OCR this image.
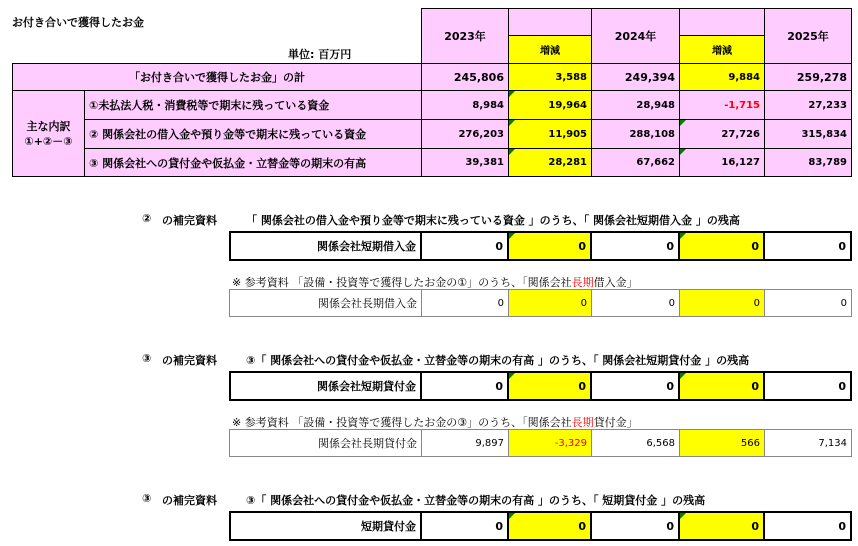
お付き合いで獲得したお金
単位: 百万円
2023年
増減
2024年
増減
2025年
「お付き合いで獲得したお金」の計	245,806	3,588	249,394	9,884	259,278
主な内訳
①+②－③
①未払法人税・消費税等で期末に残っている資金	8,984	19,964	28,948	-1,715	27,233
② 関係会社の借入金や預り金等で期末に残っている資金	276,203	11,905	288,108	27,726	315,834
③ 関係会社への貸付金や仮払金・立替金等の期末の有高	39,381	28,281	67,662	16,127	83,789
② の補完資料	「 関係会社の借入金や預り金等で期末に残っている資金 」のうち、「 関係会社短期借入金 」の残高
関係会社短期借入金	0	0	0	0	0
※ 参考資料 「設備・投資等で獲得したお金の①」のうち、「関係会社長期借入金」
関係会社長期借入金	0	0	0	0	0
③ の補完資料	③「 関係会社への貸付金や仮払金・立替金等の期末の有高 」のうち、「 関係会社短期貸付金 」の残高
関係会社短期貸付金	0	0	0	0	0
※ 参考資料 「設備・投資等で獲得したお金の③」のうち、「関係会社長期貸付金」
関係会社長期貸付金	9,897	-3,329	6,568	566	7,134
③ の補完資料	③「 関係会社への貸付金や仮払金・立替金等の期末の有高 」のうち、「 短期貸付金 」の残高
短期貸付金	0	0	0	0	0
